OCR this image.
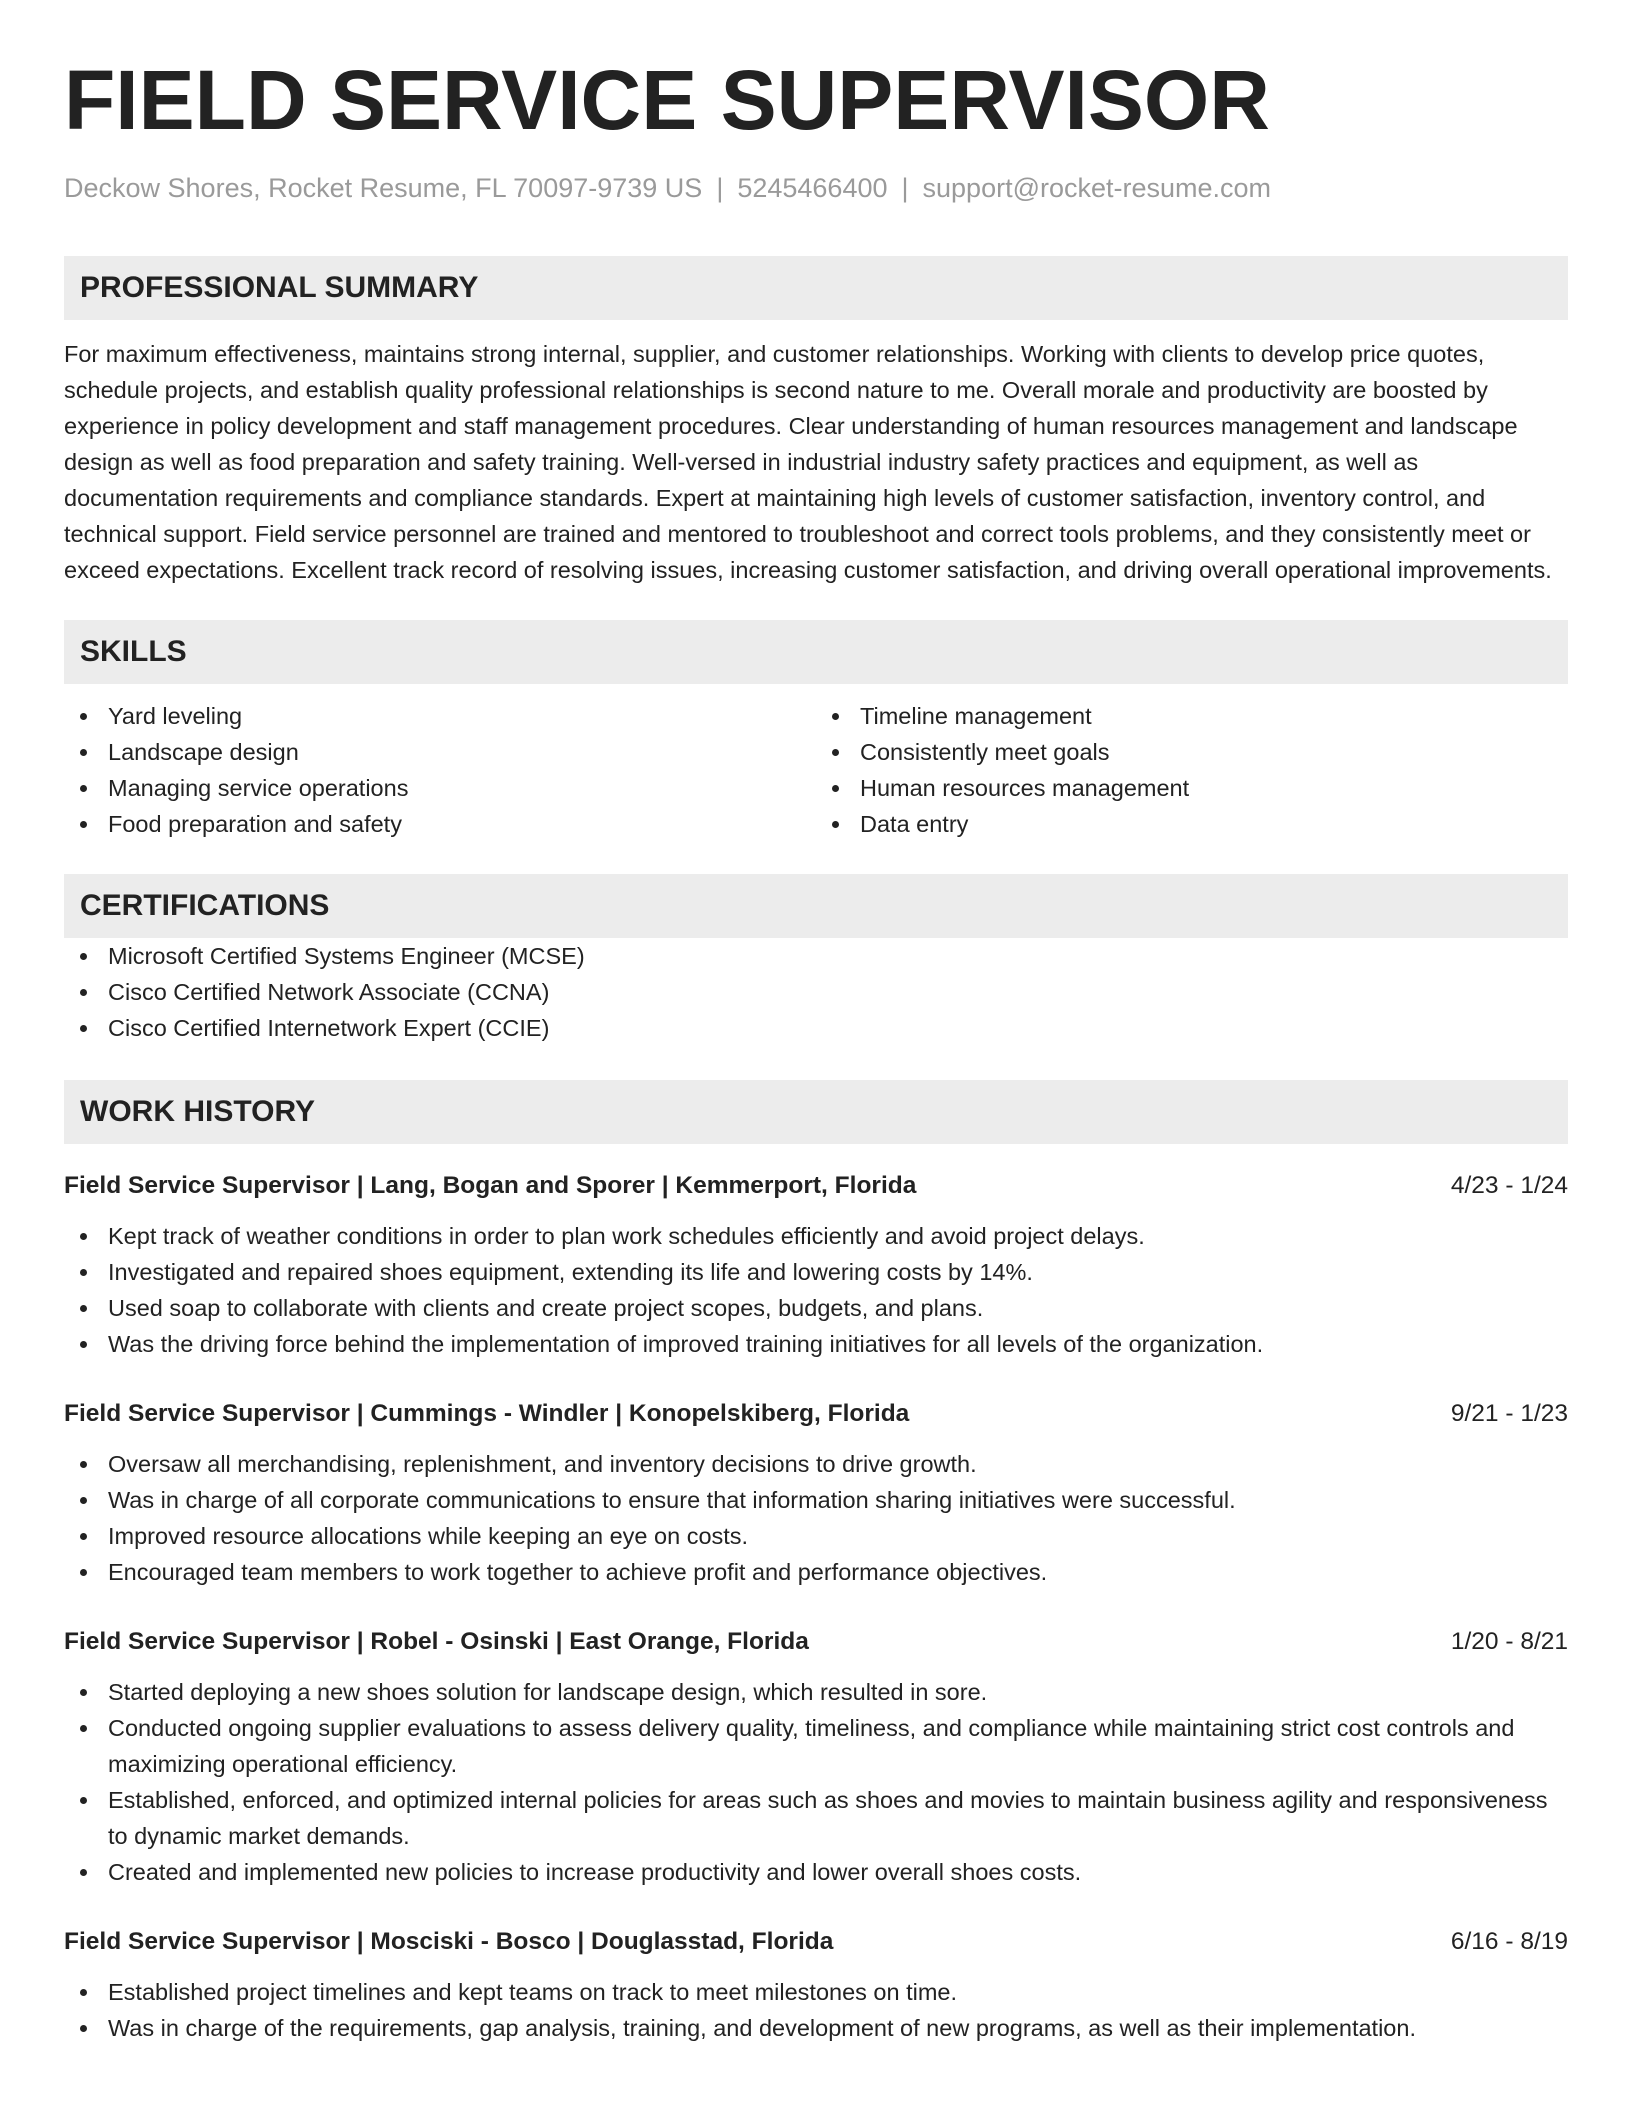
FIELD SERVICE SUPERVISOR
Deckow Shores, Rocket Resume, FL 70097-9739 US | 5245466400 | support@rocket-resume.com
PROFESSIONAL SUMMARY

For maximum effectiveness, maintains strong internal, supplier, and customer relationships. Working with clients to develop price quotes, schedule projects, and establish quality professional relationships is second nature to me. Overall morale and productivity are boosted by experience in policy development and staff management procedures. Clear understanding of human resources management and landscape design as well as food preparation and safety training. Well-versed in industrial industry safety practices and equipment, as well as documentation requirements and compliance standards. Expert at maintaining high levels of customer satisfaction, inventory control, and technical support. Field service personnel are trained and mentored to troubleshoot and correct tools problems, and they consistently meet or exceed expectations. Excellent track record of resolving issues, increasing customer satisfaction, and driving overall operational improvements.

SKILLS
Yard leveling
Landscape design
Managing service operations
Food preparation and safety
Timeline management
Consistently meet goals
Human resources management
Data entry
CERTIFICATIONS
Microsoft Certified Systems Engineer (MCSE)
Cisco Certified Network Associate (CCNA)
Cisco Certified Internetwork Expert (CCIE)
WORK HISTORY
Field Service Supervisor | Lang, Bogan and Sporer | Kemmerport, Florida	4/23 - 1/24
Kept track of weather conditions in order to plan work schedules efficiently and avoid project delays.
Investigated and repaired shoes equipment, extending its life and lowering costs by 14%.
Used soap to collaborate with clients and create project scopes, budgets, and plans.
Was the driving force behind the implementation of improved training initiatives for all levels of the organization.
Field Service Supervisor | Cummings - Windler | Konopelskiberg, Florida	9/21 - 1/23
Oversaw all merchandising, replenishment, and inventory decisions to drive growth.
Was in charge of all corporate communications to ensure that information sharing initiatives were successful.
Improved resource allocations while keeping an eye on costs.
Encouraged team members to work together to achieve profit and performance objectives.
Field Service Supervisor | Robel - Osinski | East Orange, Florida	1/20 - 8/21
Started deploying a new shoes solution for landscape design, which resulted in sore.
Conducted ongoing supplier evaluations to assess delivery quality, timeliness, and compliance while maintaining strict cost controls and maximizing operational efficiency.
Established, enforced, and optimized internal policies for areas such as shoes and movies to maintain business agility and responsiveness to dynamic market demands.
Created and implemented new policies to increase productivity and lower overall shoes costs.
Field Service Supervisor | Mosciski - Bosco | Douglasstad, Florida	6/16 - 8/19
Established project timelines and kept teams on track to meet milestones on time.
Was in charge of the requirements, gap analysis, training, and development of new programs, as well as their implementation.
